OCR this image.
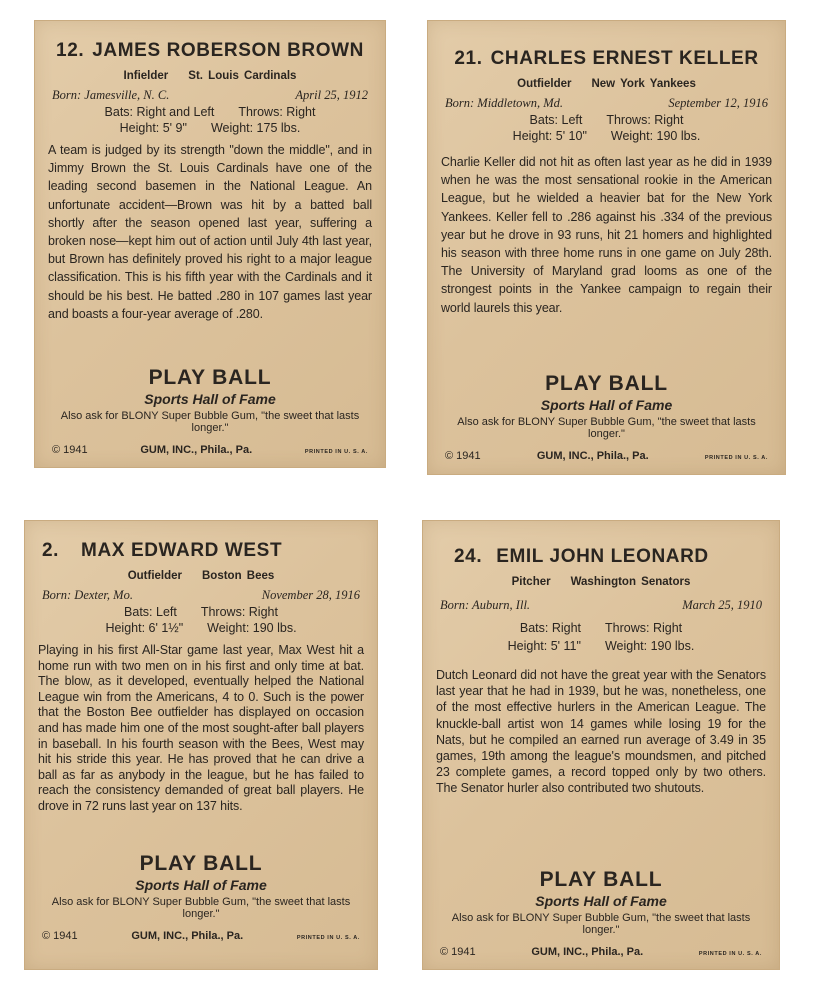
12. JAMES ROBERSON BROWN
Infielder St. Louis Cardinals
Born: Jamesville, N. C.	April 25, 1912
Bats: Right and Left Throws: Right
Height: 5' 9" Weight: 175 lbs.
A team is judged by its strength "down the middle", and in Jimmy Brown the St. Louis Cardinals have one of the leading second basemen in the National League. An unfortunate accident—Brown was hit by a batted ball shortly after the season opened last year, suffering a broken nose—kept him out of action until July 4th last year, but Brown has definitely proved his right to a major league classification. This is his fifth year with the Cardinals and it should be his best. He batted .280 in 107 games last year and boasts a four-year average of .280.
PLAY BALL
Sports Hall of Fame
Also ask for BLONY Super Bubble Gum, "the sweet that lasts longer."
© 1941	GUM, INC., Phila., Pa.	PRINTED IN U. S. A.
21. CHARLES ERNEST KELLER
Outfielder New York Yankees
Born: Middletown, Md.	September 12, 1916
Bats: Left Throws: Right
Height: 5' 10" Weight: 190 lbs.
Charlie Keller did not hit as often last year as he did in 1939 when he was the most sensational rookie in the American League, but he wielded a heavier bat for the New York Yankees. Keller fell to .286 against his .334 of the previous year but he drove in 93 runs, hit 21 homers and highlighted his season with three home runs in one game on July 28th. The University of Maryland grad looms as one of the strongest points in the Yankee campaign to regain their world laurels this year.
PLAY BALL
Sports Hall of Fame
Also ask for BLONY Super Bubble Gum, "the sweet that lasts longer."
© 1941	GUM, INC., Phila., Pa.	PRINTED IN U. S. A.
2. MAX EDWARD WEST
Outfielder Boston Bees
Born: Dexter, Mo.	November 28, 1916
Bats: Left Throws: Right
Height: 6' 1½" Weight: 190 lbs.
Playing in his first All-Star game last year, Max West hit a home run with two men on in his first and only time at bat. The blow, as it developed, eventually helped the National League win from the Americans, 4 to 0. Such is the power that the Boston Bee outfielder has displayed on occasion and has made him one of the most sought-after ball players in baseball. In his fourth season with the Bees, West may hit his stride this year. He has proved that he can drive a ball as far as anybody in the league, but he has failed to reach the consistency demanded of great ball players. He drove in 72 runs last year on 137 hits.
PLAY BALL
Sports Hall of Fame
Also ask for BLONY Super Bubble Gum, "the sweet that lasts longer."
© 1941	GUM, INC., Phila., Pa.	PRINTED IN U. S. A.
24. EMIL JOHN LEONARD
Pitcher Washington Senators
Born: Auburn, Ill.	March 25, 1910
Bats: Right Throws: Right
Height: 5' 11" Weight: 190 lbs.
Dutch Leonard did not have the great year with the Senators last year that he had in 1939, but he was, nonetheless, one of the most effective hurlers in the American League. The knuckle-ball artist won 14 games while losing 19 for the Nats, but he compiled an earned run average of 3.49 in 35 games, 19th among the league's moundsmen, and pitched 23 complete games, a record topped only by two others. The Senator hurler also contributed two shutouts.
PLAY BALL
Sports Hall of Fame
Also ask for BLONY Super Bubble Gum, "the sweet that lasts longer."
© 1941	GUM, INC., Phila., Pa.	PRINTED IN U. S. A.
